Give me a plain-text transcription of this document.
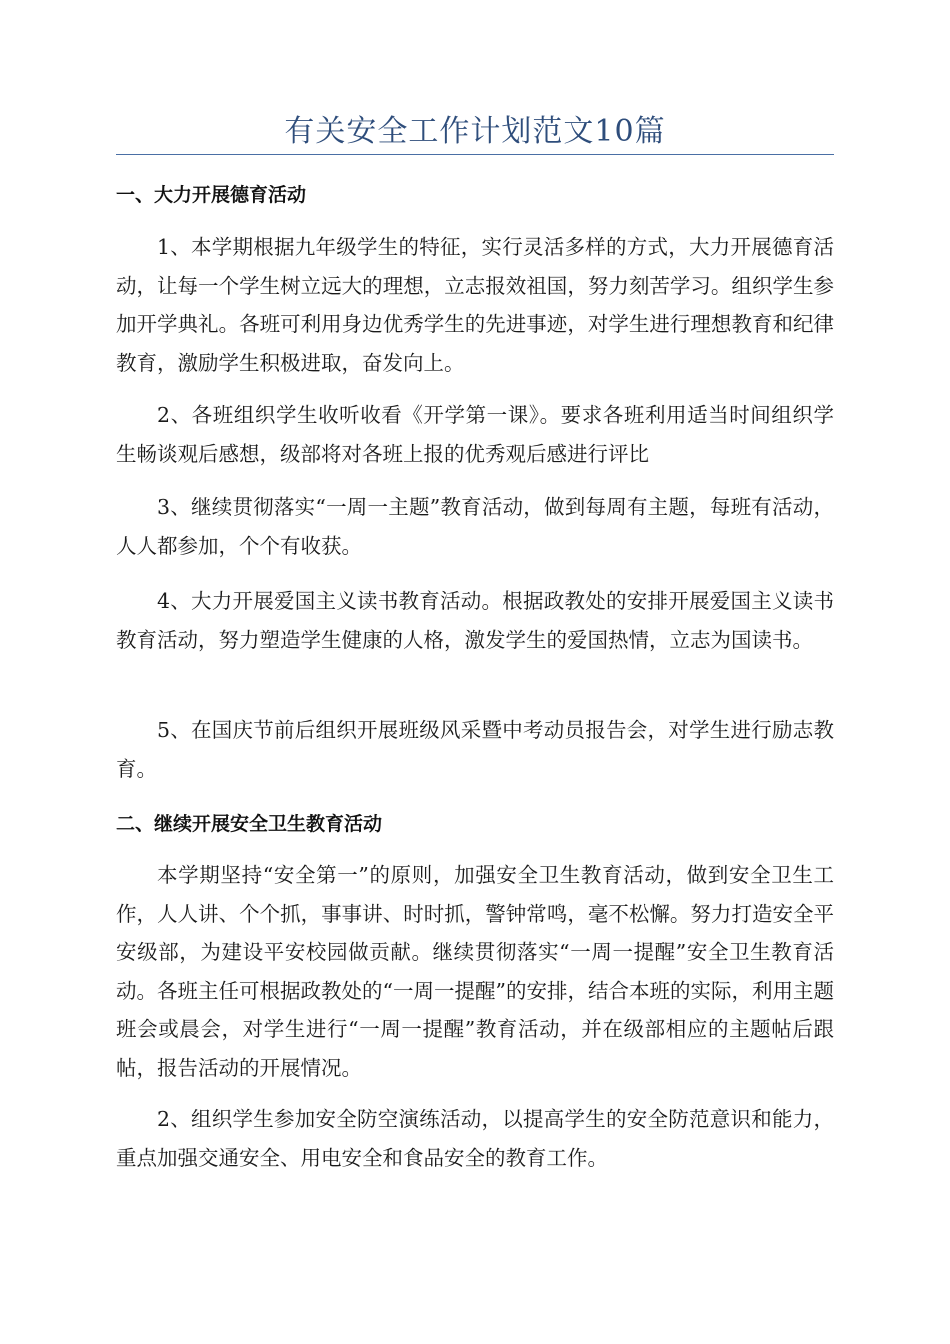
有关安全工作计划范文10篇
一、大力开展德育活动

1、本学期根据九年级学生的特征，实行灵活多样的方式，大力开展德育活动，让每一个学生树立远大的理想，立志报效祖国，努力刻苦学习。组织学生参加开学典礼。各班可利用身边优秀学生的先进事迹，对学生进行理想教育和纪律教育，激励学生积极进取，奋发向上。

2、各班组织学生收听收看《开学第一课》。要求各班利用适当时间组织学生畅谈观后感想，级部将对各班上报的优秀观后感进行评比

3、继续贯彻落实“一周一主题”教育活动，做到每周有主题，每班有活动，人人都参加，个个有收获。

4、大力开展爱国主义读书教育活动。根据政教处的安排开展爱国主义读书教育活动，努力塑造学生健康的人格，激发学生的爱国热情，立志为国读书。

5、在国庆节前后组织开展班级风采暨中考动员报告会，对学生进行励志教育。

二、继续开展安全卫生教育活动

本学期坚持“安全第一”的原则，加强安全卫生教育活动，做到安全卫生工作，人人讲、个个抓，事事讲、时时抓，警钟常鸣，毫不松懈。努力打造安全平安级部，为建设平安校园做贡献。继续贯彻落实“一周一提醒”安全卫生教育活动。各班主任可根据政教处的“一周一提醒”的安排，结合本班的实际，利用主题班会或晨会，对学生进行“一周一提醒”教育活动，并在级部相应的主题帖后跟帖，报告活动的开展情况。

2、组织学生参加安全防空演练活动，以提高学生的安全防范意识和能力，重点加强交通安全、用电安全和食品安全的教育工作。
